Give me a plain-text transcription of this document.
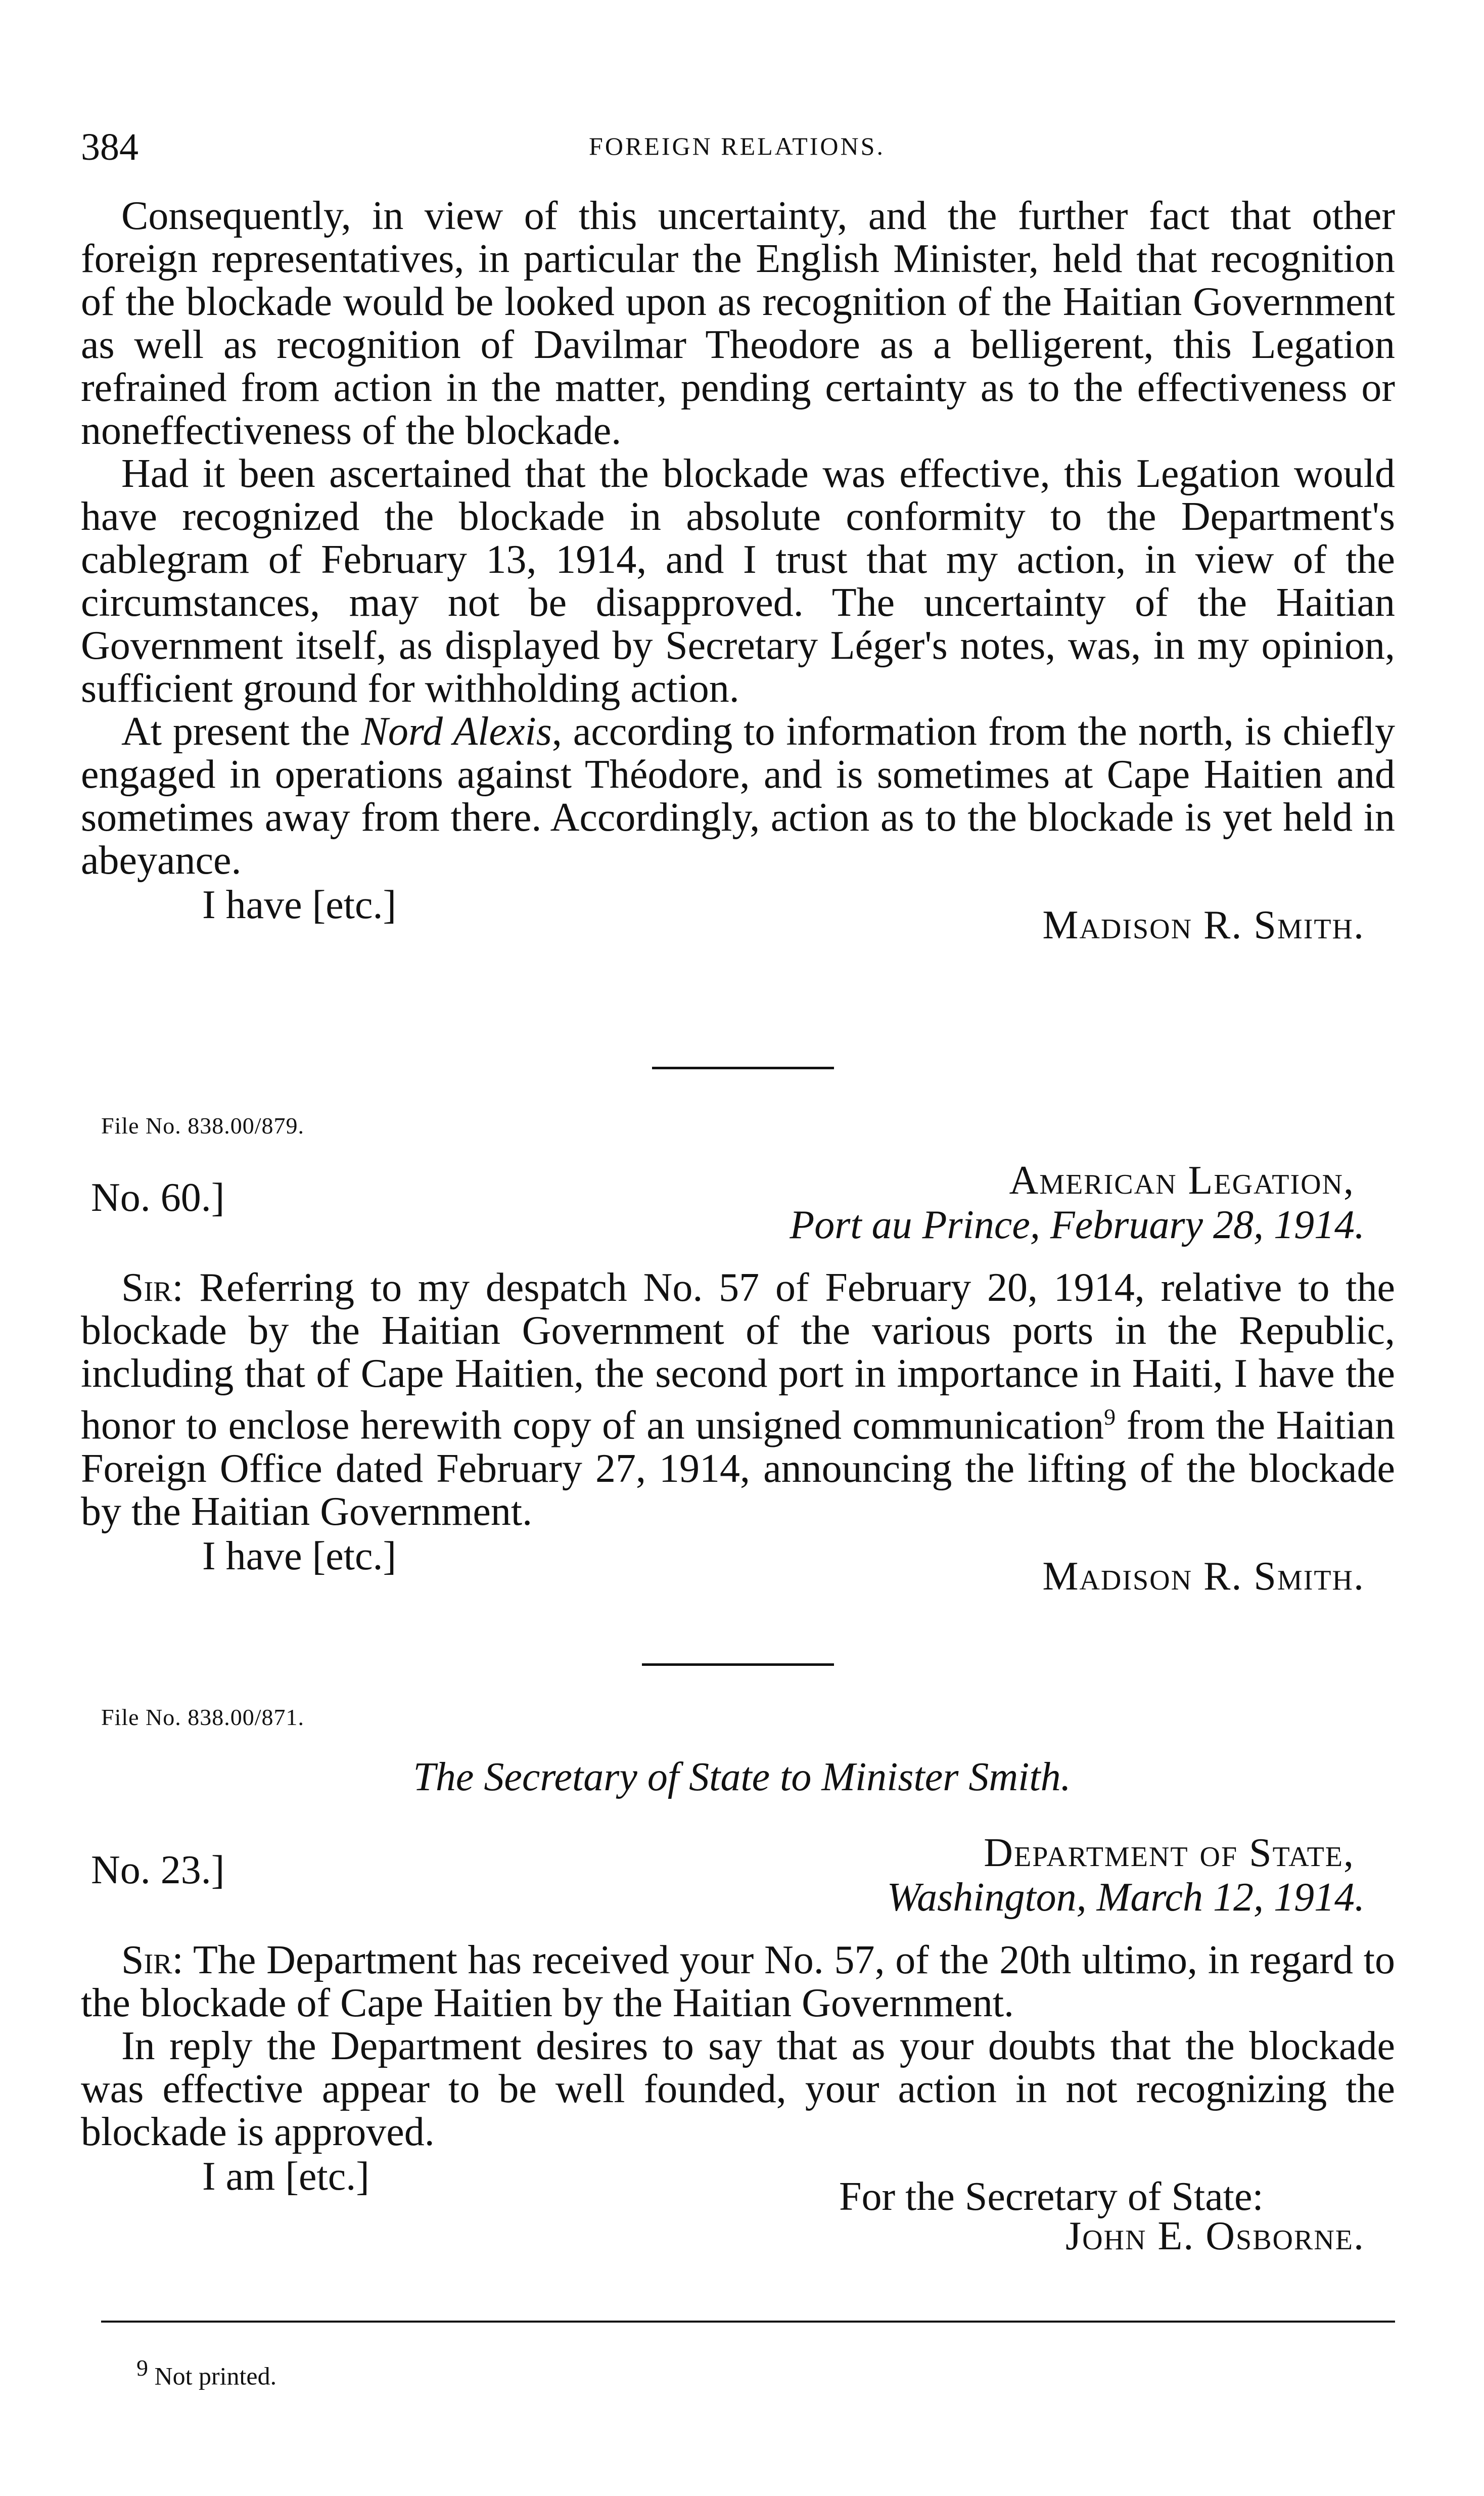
384	FOREIGN RELATIONS.

Consequently, in view of this uncertainty, and the further fact that other foreign representatives, in particular the English Minister, held that recognition of the blockade would be looked upon as recognition of the Haitian Government as well as recognition of Davilmar Theodore as a belligerent, this Legation refrained from action in the matter, pending certainty as to the effectiveness or noneffectiveness of the blockade.

Had it been ascertained that the blockade was effective, this Legation would have recognized the blockade in absolute conformity to the Department's cablegram of February 13, 1914, and I trust that my action, in view of the circumstances, may not be disapproved. The uncertainty of the Haitian Government itself, as displayed by Secretary Léger's notes, was, in my opinion, sufficient ground for withholding action.

At present the Nord Alexis, according to information from the north, is chiefly engaged in operations against Théodore, and is sometimes at Cape Haitien and sometimes away from there. Accordingly, action as to the blockade is yet held in abeyance.

I have [etc.]	Madison R. Smith.
File No. 838.00/879.
No. 60.]	American Legation,
Port au Prince, February 28, 1914.

Sir: Referring to my despatch No. 57 of February 20, 1914, relative to the blockade by the Haitian Government of the various ports in the Republic, including that of Cape Haitien, the second port in importance in Haiti, I have the honor to enclose herewith copy of an unsigned communication$^9$ from the Haitian Foreign Office dated February 27, 1914, announcing the lifting of the blockade by the Haitian Government.

I have [etc.]	Madison R. Smith.
File No. 838.00/871.
The Secretary of State to Minister Smith.
No. 23.]	Department of State,
Washington, March 12, 1914.

Sir: The Department has received your No. 57, of the 20th ultimo, in regard to the blockade of Cape Haitien by the Haitian Government.

In reply the Department desires to say that as your doubts that the blockade was effective appear to be well founded, your action in not recognizing the blockade is approved.

I am [etc.]	For the Secretary of State:
John E. Osborne.
$^9$ Not printed.
